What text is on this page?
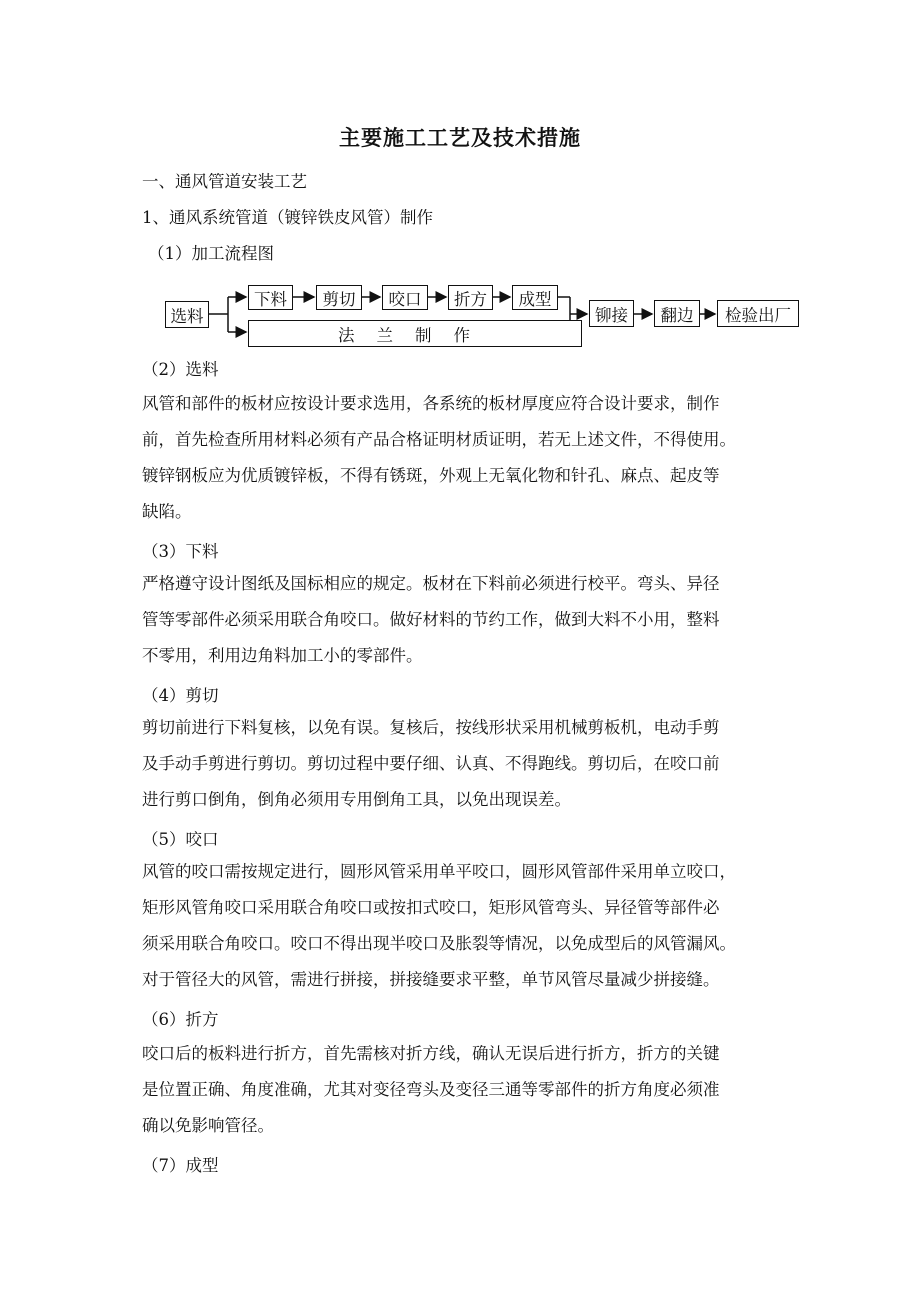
主要施工工艺及技术措施
一、通风管道安装工艺
1、通风系统管道（镀锌铁皮风管）制作
（1）加工流程图
选料
下料	剪切	咬口	折方	成型
法兰制作
铆接	翻边	检验出厂
（2）选料

风管和部件的板材应按设计要求选用，各系统的板材厚度应符合设计要求，制作

前，首先检查所用材料必须有产品合格证明材质证明，若无上述文件，不得使用。

镀锌钢板应为优质镀锌板，不得有锈斑，外观上无氧化物和针孔、麻点、起皮等

缺陷。

（3）下料

严格遵守设计图纸及国标相应的规定。板材在下料前必须进行校平。弯头、异径

管等零部件必须采用联合角咬口。做好材料的节约工作，做到大料不小用，整料

不零用，利用边角料加工小的零部件。

（4）剪切

剪切前进行下料复核，以免有误。复核后，按线形状采用机械剪板机，电动手剪

及手动手剪进行剪切。剪切过程中要仔细、认真、不得跑线。剪切后，在咬口前

进行剪口倒角，倒角必须用专用倒角工具，以免出现误差。

（5）咬口

风管的咬口需按规定进行，圆形风管采用单平咬口，圆形风管部件采用单立咬口，

矩形风管角咬口采用联合角咬口或按扣式咬口，矩形风管弯头、异径管等部件必

须采用联合角咬口。咬口不得出现半咬口及胀裂等情况，以免成型后的风管漏风。

对于管径大的风管，需进行拼接，拼接缝要求平整，单节风管尽量减少拼接缝。

（6）折方

咬口后的板料进行折方，首先需核对折方线，确认无误后进行折方，折方的关键

是位置正确、角度准确，尤其对变径弯头及变径三通等零部件的折方角度必须准

确以免影响管径。

（7）成型
